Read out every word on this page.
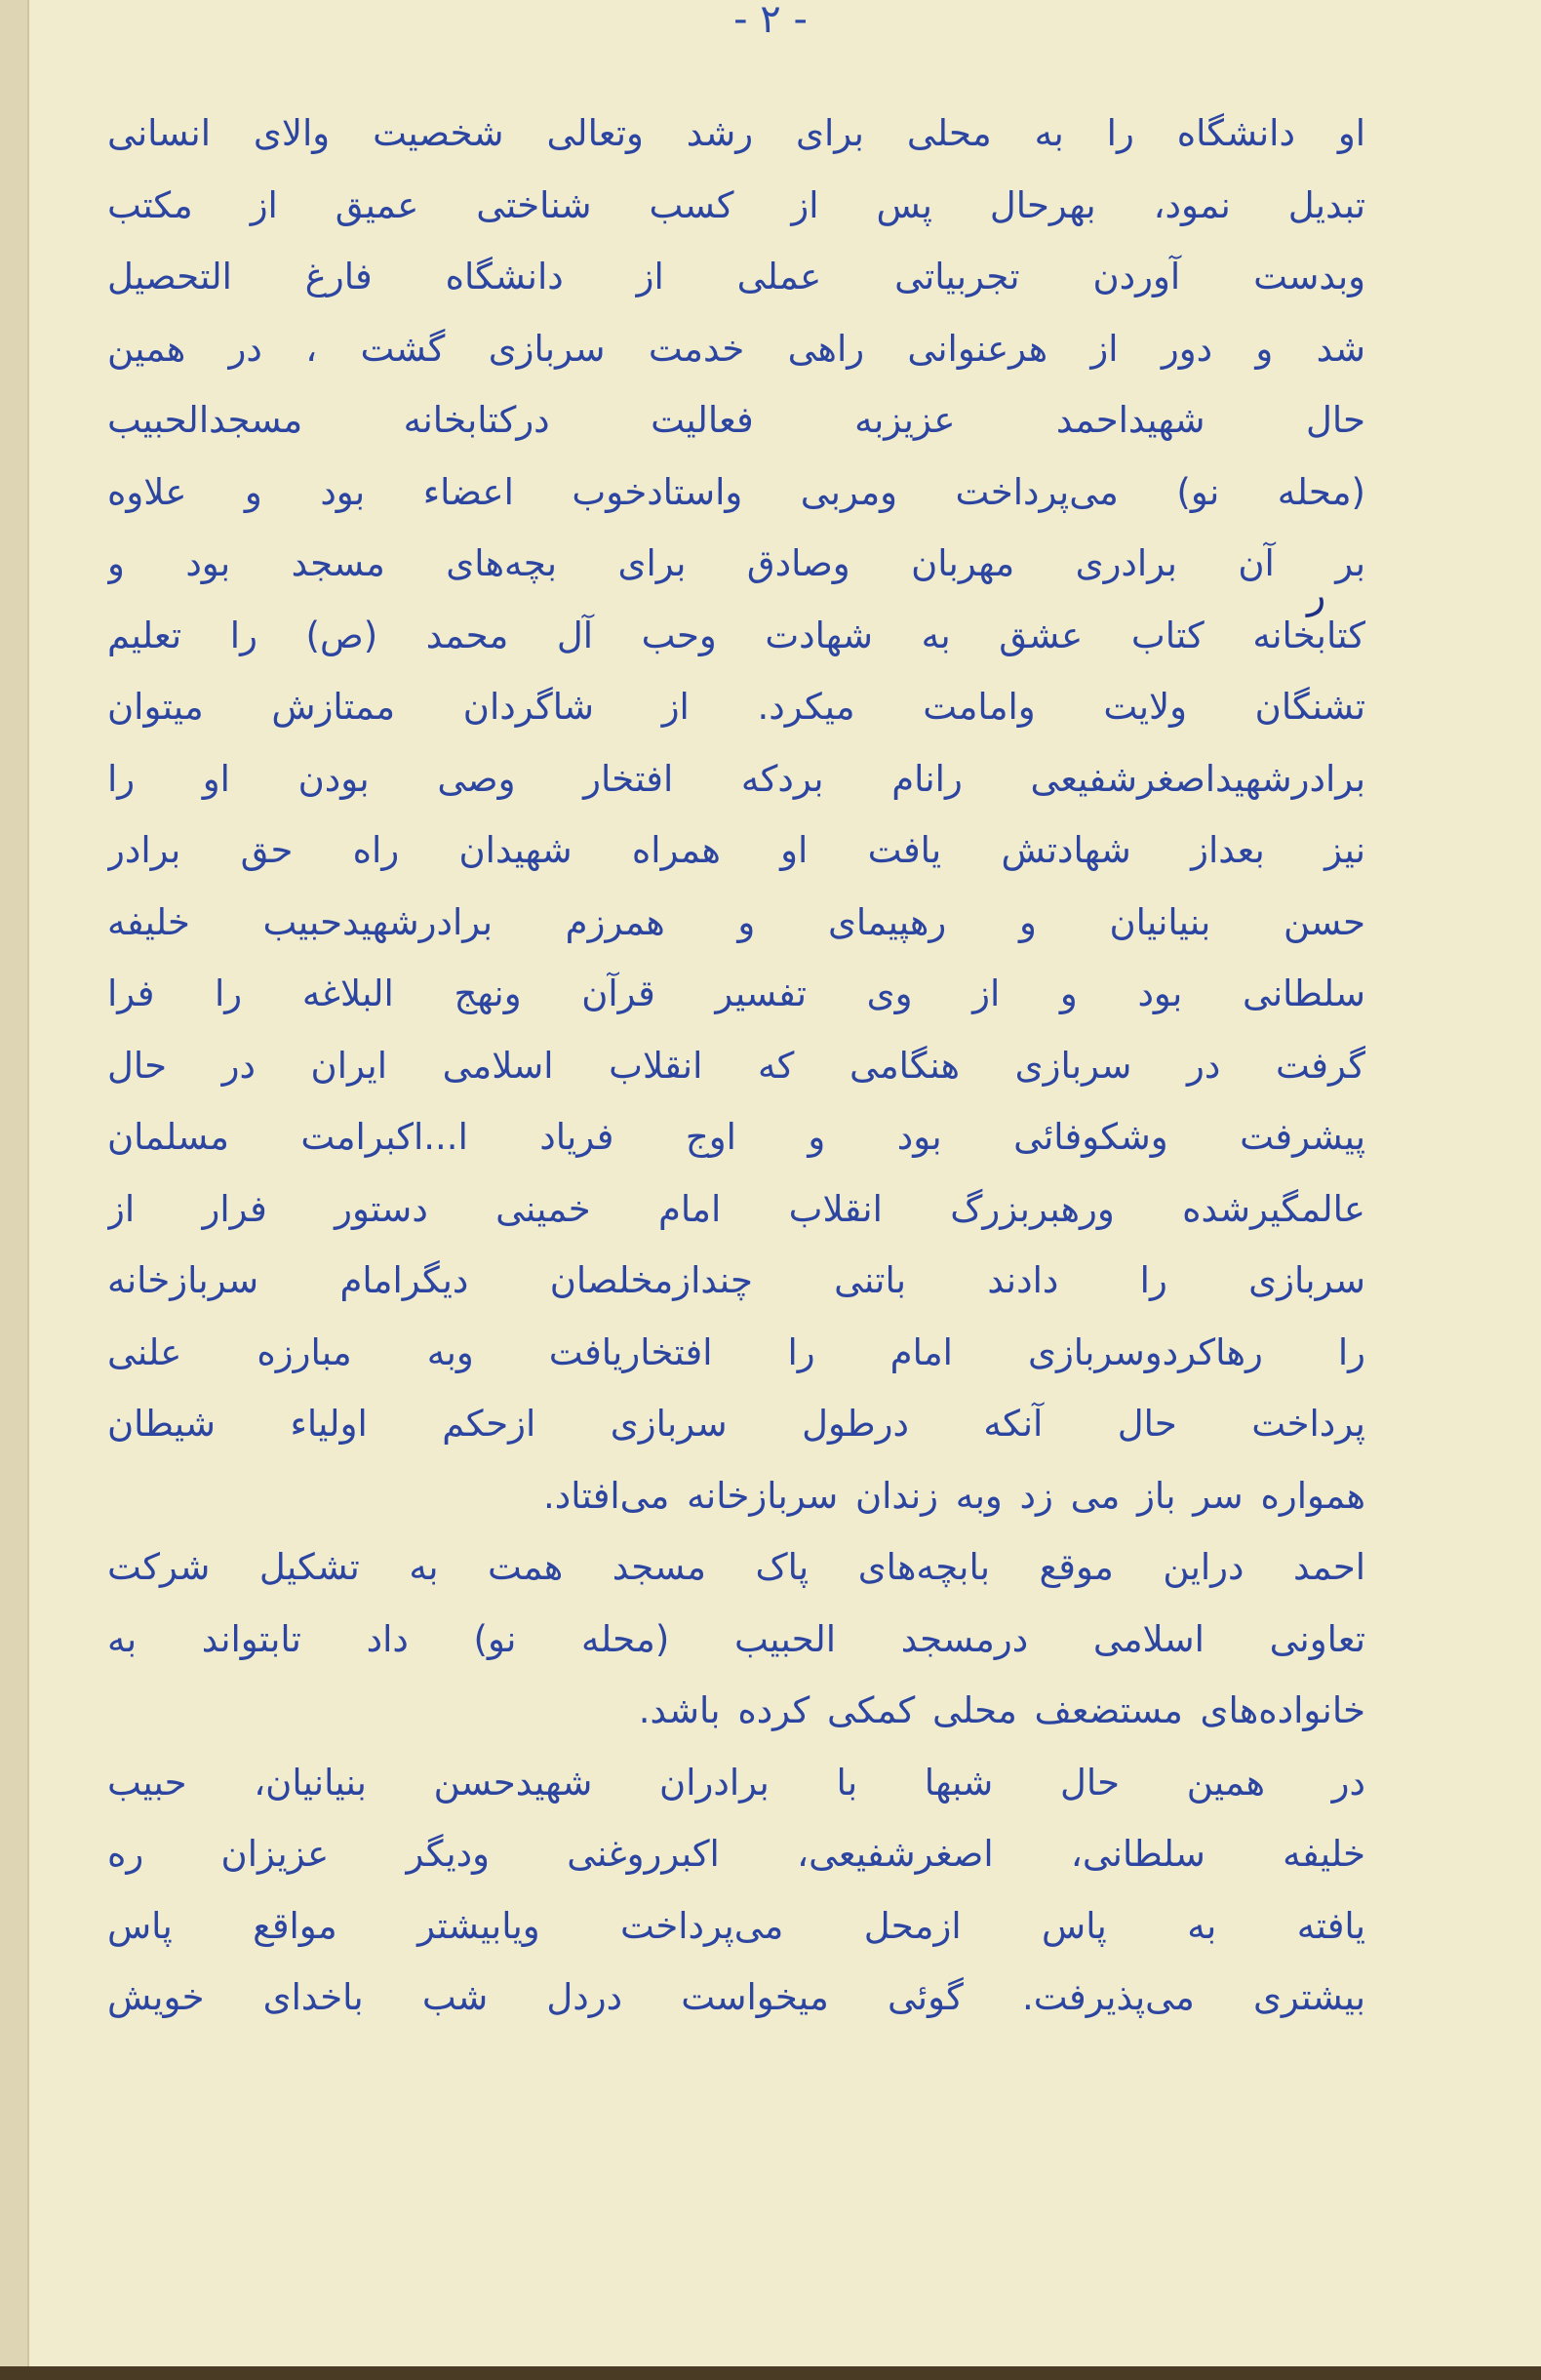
- ۲ -
ر
او دانشگاه را به محلی برای رشد وتعالی شخصیت والای انسانی
تبدیل نمود، بهرحال پس از کسب شناختی عمیق از مکتب
وبدست آوردن تجربیاتی عملی از دانشگاه فارغ التحصیل
شد و دور از هرعنوانی راهی خدمت سربازی گشت ، در همین
حال شهیداحمد عزیزبه فعالیت درکتابخانه مسجدالحبیب
(محله نو) می‌پرداخت ومربی واستادخوب اعضاء بود و علاوه
بر آن برادری مهربان وصادق برای بچه‌های مسجد بود و
کتابخانه کتاب عشق به شهادت وحب آل محمد (ص) را تعلیم
تشنگان ولایت وامامت میکرد. از شاگردان ممتازش میتوان
برادرشهیداصغرشفیعی رانام بردکه افتخار وصی بودن او را
نیز بعداز شهادتش یافت او همراه شهیدان راه حق برادر
حسن بنیانیان و رهپیمای و همرزم برادرشهیدحبیب خلیفه
سلطانی بود و از وی تفسیر قرآن ونهج البلاغه را فرا
گرفت در سربازی هنگامی که انقلاب اسلامی ایران در حال
پیشرفت وشکوفائی بود و اوج فریاد ا...اکبرامت مسلمان
عالمگیرشده ورهبربزرگ انقلاب امام خمینی دستور فرار از
سربازی را دادند باتنی چندازمخلصان دیگرامام سربازخانه
را رهاکردوسربازی امام را افتخاریافت وبه مبارزه علنی
پرداخت حال آنکه درطول سربازی ازحکم اولیاء شیطان
همواره سر باز می زد وبه زندان سربازخانه می‌افتاد.
احمد دراین موقع بابچه‌های پاک مسجد همت به تشکیل شرکت
تعاونی اسلامی درمسجد الحبیب (محله نو) داد تابتواند به
خانواده‌های مستضعف محلی کمکی کرده باشد.
در همین حال شبها با برادران شهیدحسن بنیانیان، حبیب
خلیفه سلطانی، اصغرشفیعی، اکبرروغنی ودیگر عزیزان ره
یافته به پاس ازمحل می‌پرداخت ویابیشتر مواقع پاس
بیشتری می‌پذیرفت. گوئی میخواست دردل شب باخدای خویش
